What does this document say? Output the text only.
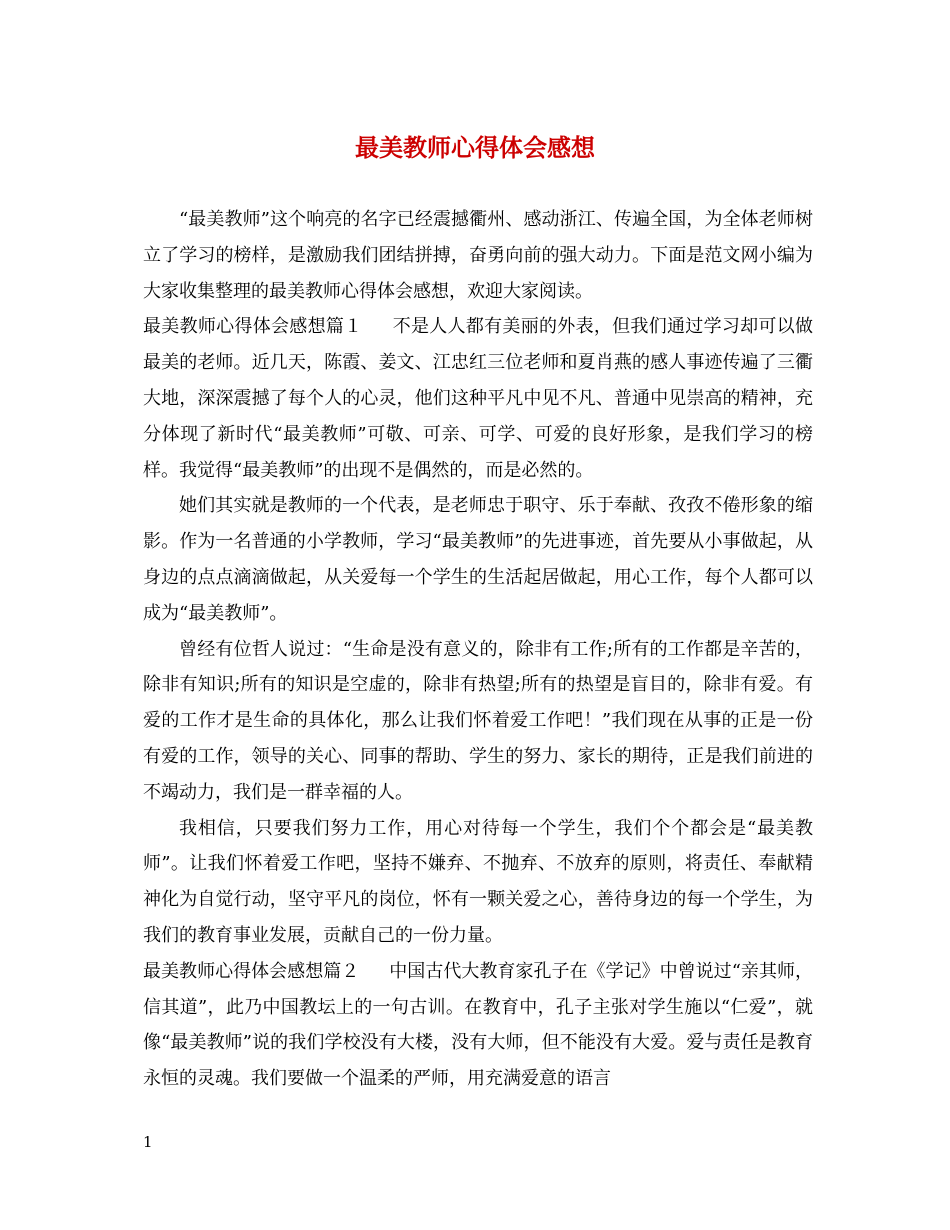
最美教师心得体会感想

“最美教师”这个响亮的名字已经震撼衢州、感动浙江、传遍全国，为全体老师树立了学习的榜样，是激励我们团结拼搏，奋勇向前的强大动力。下面是范文网小编为大家收集整理的最美教师心得体会感想，欢迎大家阅读。

最美教师心得体会感想篇１ 不是人人都有美丽的外表，但我们通过学习却可以做最美的老师。近几天，陈霞、姜文、江忠红三位老师和夏肖燕的感人事迹传遍了三衢大地，深深震撼了每个人的心灵，他们这种平凡中见不凡、普通中见崇高的精神，充分体现了新时代“最美教师”可敬、可亲、可学、可爱的良好形象，是我们学习的榜样。我觉得“最美教师”的出现不是偶然的，而是必然的。

她们其实就是教师的一个代表，是老师忠于职守、乐于奉献、孜孜不倦形象的缩影。作为一名普通的小学教师，学习“最美教师”的先进事迹，首先要从小事做起，从身边的点点滴滴做起，从关爱每一个学生的生活起居做起，用心工作，每个人都可以成为“最美教师”。

曾经有位哲人说过：“生命是没有意义的，除非有工作;所有的工作都是辛苦的，除非有知识;所有的知识是空虚的，除非有热望;所有的热望是盲目的，除非有爱。有爱的工作才是生命的具体化，那么让我们怀着爱工作吧！”我们现在从事的正是一份有爱的工作，领导的关心、同事的帮助、学生的努力、家长的期待，正是我们前进的不竭动力，我们是一群幸福的人。

我相信，只要我们努力工作，用心对待每一个学生，我们个个都会是“最美教师”。让我们怀着爱工作吧，坚持不嫌弃、不抛弃、不放弃的原则，将责任、奉献精神化为自觉行动，坚守平凡的岗位，怀有一颗关爱之心，善待身边的每一个学生，为我们的教育事业发展，贡献自己的一份力量。

最美教师心得体会感想篇２ 中国古代大教育家孔子在《学记》中曾说过“亲其师，信其道”，此乃中国教坛上的一句古训。在教育中，孔子主张对学生施以“仁爱”，就像“最美教师”说的我们学校没有大楼，没有大师，但不能没有大爱。爱与责任是教育永恒的灵魂。我们要做一个温柔的严师，用充满爱意的语言

1
